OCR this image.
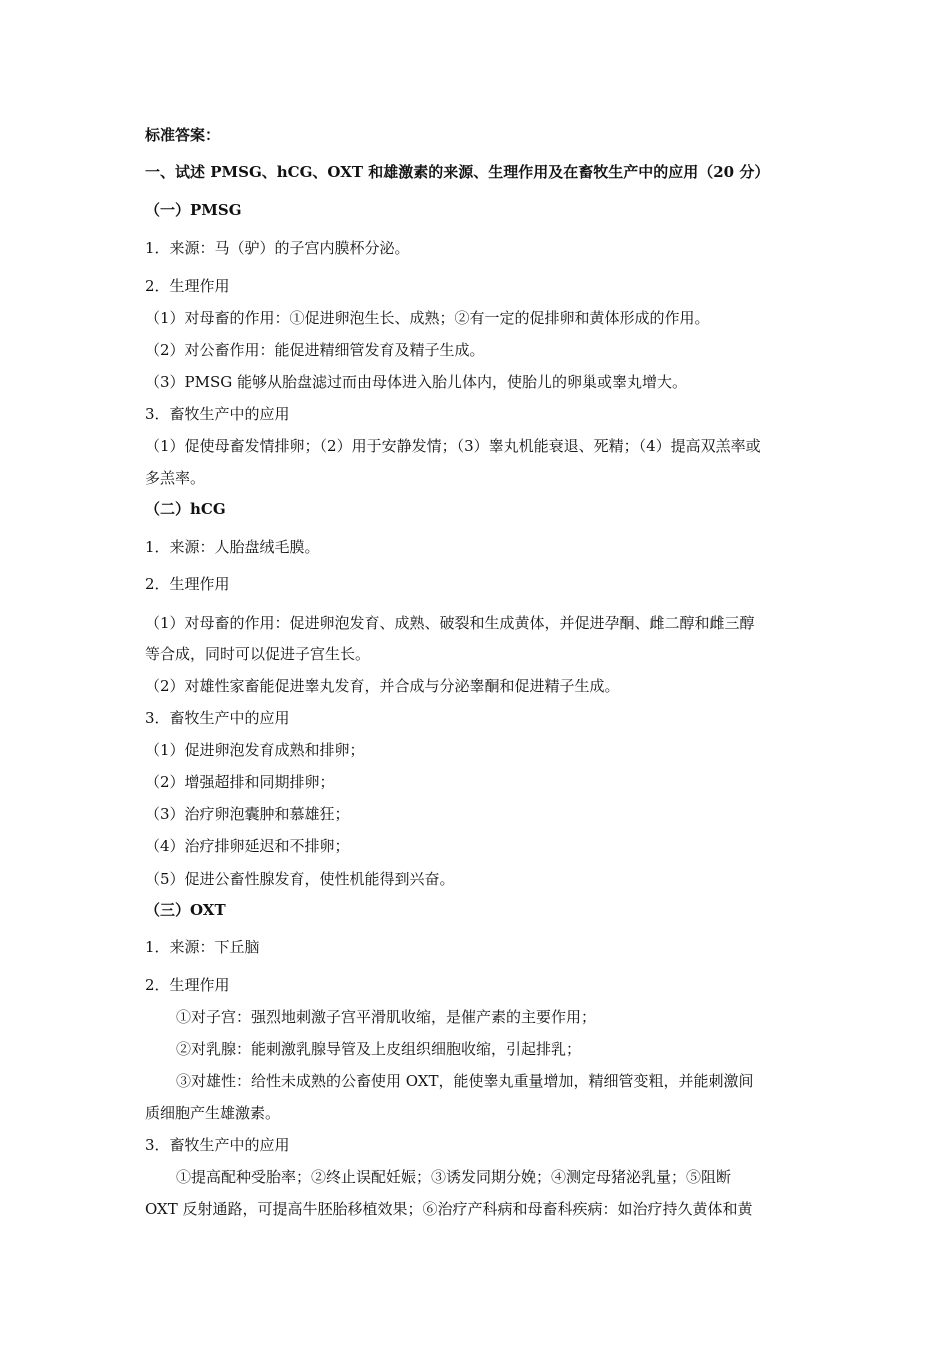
标准答案：
一、试述 PMSG、hCG、OXT 和雄激素的来源、生理作用及在畜牧生产中的应用（20 分）
（一）PMSG
1．来源：马（驴）的子宫内膜杯分泌。
2．生理作用
（1）对母畜的作用：①促进卵泡生长、成熟；②有一定的促排卵和黄体形成的作用。
（2）对公畜作用：能促进精细管发育及精子生成。
（3）PMSG 能够从胎盘滤过而由母体进入胎儿体内，使胎儿的卵巢或睾丸增大。
3．畜牧生产中的应用
（1）促使母畜发情排卵；（2）用于安静发情；（3）睾丸机能衰退、死精；（4）提高双羔率或
多羔率。
（二）hCG
1．来源：人胎盘绒毛膜。
2．生理作用
（1）对母畜的作用：促进卵泡发育、成熟、破裂和生成黄体，并促进孕酮、雌二醇和雌三醇
等合成，同时可以促进子宫生长。
（2）对雄性家畜能促进睾丸发育，并合成与分泌睾酮和促进精子生成。
3．畜牧生产中的应用
（1）促进卵泡发育成熟和排卵；
（2）增强超排和同期排卵；
（3）治疗卵泡囊肿和慕雄狂；
（4）治疗排卵延迟和不排卵；
（5）促进公畜性腺发育，使性机能得到兴奋。
（三）OXT
1．来源：下丘脑
2．生理作用
①对子宫：强烈地刺激子宫平滑肌收缩，是催产素的主要作用；
②对乳腺：能刺激乳腺导管及上皮组织细胞收缩，引起排乳；
③对雄性：给性未成熟的公畜使用 OXT，能使睾丸重量增加，精细管变粗，并能刺激间
质细胞产生雄激素。
3．畜牧生产中的应用
①提高配种受胎率；②终止误配妊娠；③诱发同期分娩；④测定母猪泌乳量；⑤阻断
OXT 反射通路，可提高牛胚胎移植效果；⑥治疗产科病和母畜科疾病：如治疗持久黄体和黄
